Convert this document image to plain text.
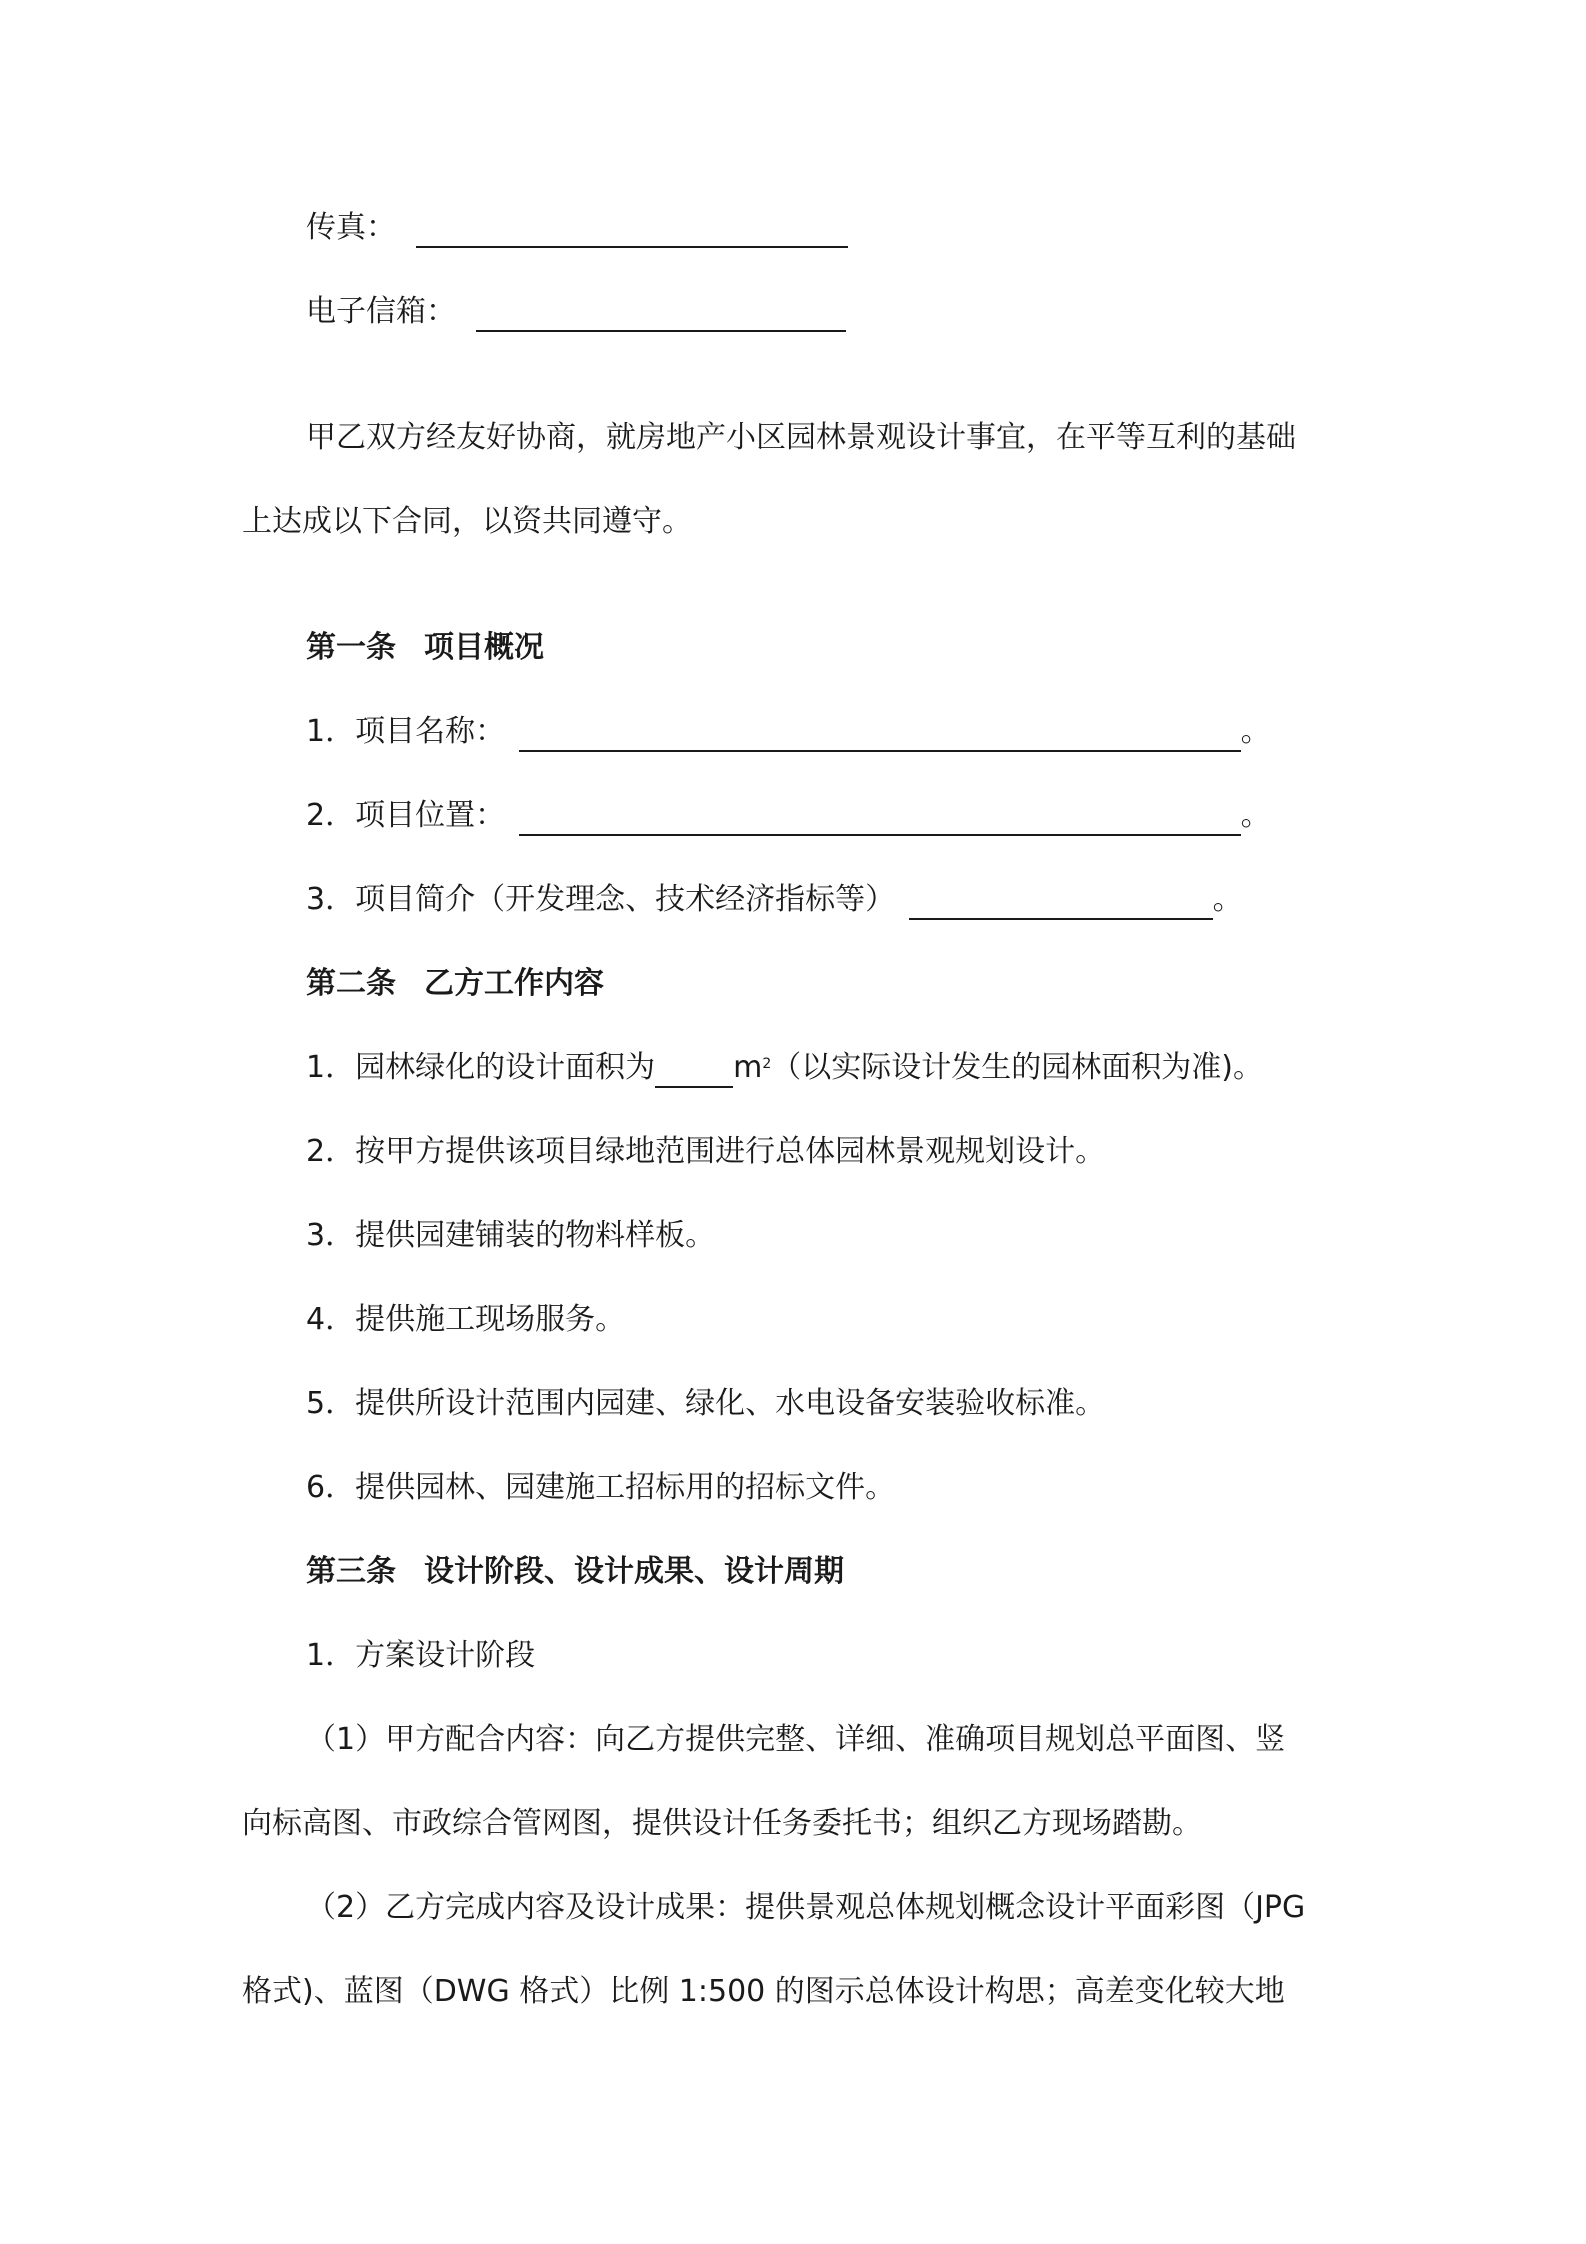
传真：
电子信箱：
甲乙双方经友好协商，就房地产小区园林景观设计事宜，在平等互利的基础
上达成以下合同，以资共同遵守。
第一条 项目概况
1．项目名称：	。
2．项目位置：	。
3．项目简介（开发理念、技术经济指标等）	。
第二条 乙方工作内容
1．园林绿化的设计面积为	$m^2$（以实际设计发生的园林面积为准)。
2．按甲方提供该项目绿地范围进行总体园林景观规划设计。
3．提供园建铺装的物料样板。
4．提供施工现场服务。
5．提供所设计范围内园建、绿化、水电设备安装验收标准。
6．提供园林、园建施工招标用的招标文件。
第三条 设计阶段、设计成果、设计周期
1．方案设计阶段
（1）甲方配合内容：向乙方提供完整、详细、准确项目规划总平面图、竖
向标高图、市政综合管网图，提供设计任务委托书；组织乙方现场踏勘。
（2）乙方完成内容及设计成果：提供景观总体规划概念设计平面彩图（JPG
格式)、蓝图（DWG 格式）比例 1:500 的图示总体设计构思；高差变化较大地
